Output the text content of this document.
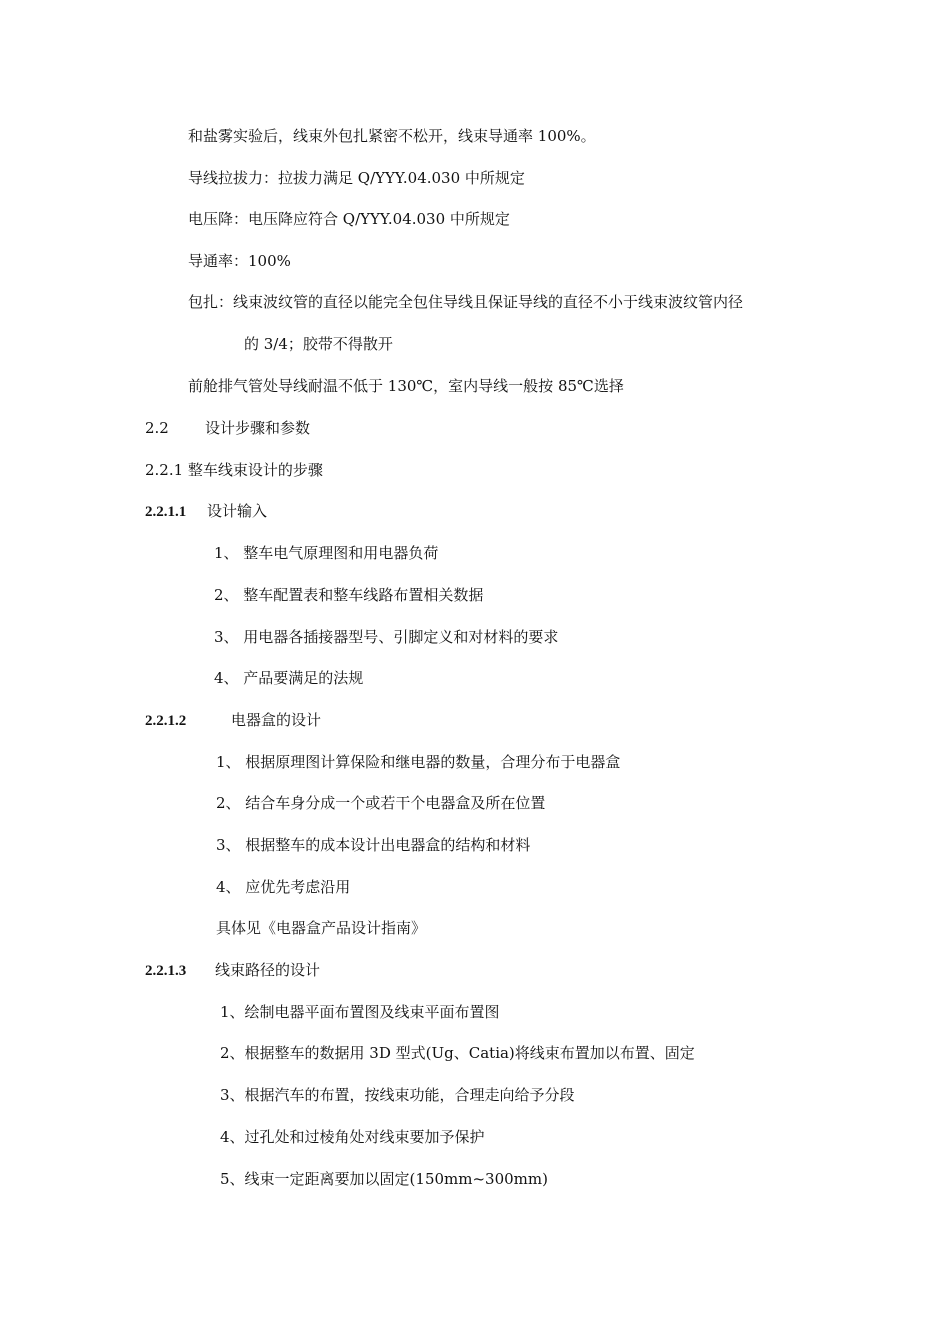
和盐雾实验后，线束外包扎紧密不松开，线束导通率 100%。
导线拉拔力：拉拔力满足 Q/YYY.04.030 中所规定
电压降：电压降应符合 Q/YYY.04.030 中所规定
导通率：100%
包扎：线束波纹管的直径以能完全包住导线且保证导线的直径不小于线束波纹管内径
的 3/4；胶带不得散开
前舱排气管处导线耐温不低于 130℃，室内导线一般按 85℃选择
2.2 设计步骤和参数
2.2.1 整车线束设计的步骤
2.2.1.1 设计输入
1、 整车电气原理图和用电器负荷
2、 整车配置表和整车线路布置相关数据
3、 用电器各插接器型号、引脚定义和对材料的要求
4、 产品要满足的法规
2.2.1.2	电器盒的设计
1、 根据原理图计算保险和继电器的数量，合理分布于电器盒
2、 结合车身分成一个或若干个电器盒及所在位置
3、 根据整车的成本设计出电器盒的结构和材料
4、 应优先考虑沿用
具体见《电器盒产品设计指南》
2.2.1.3 线束路径的设计
1、绘制电器平面布置图及线束平面布置图
2、根据整车的数据用 3D 型式(Ug、Catia)将线束布置加以布置、固定
3、根据汽车的布置，按线束功能，合理走向给予分段
4、过孔处和过棱角处对线束要加予保护
5、线束一定距离要加以固定(150mm~300mm)
